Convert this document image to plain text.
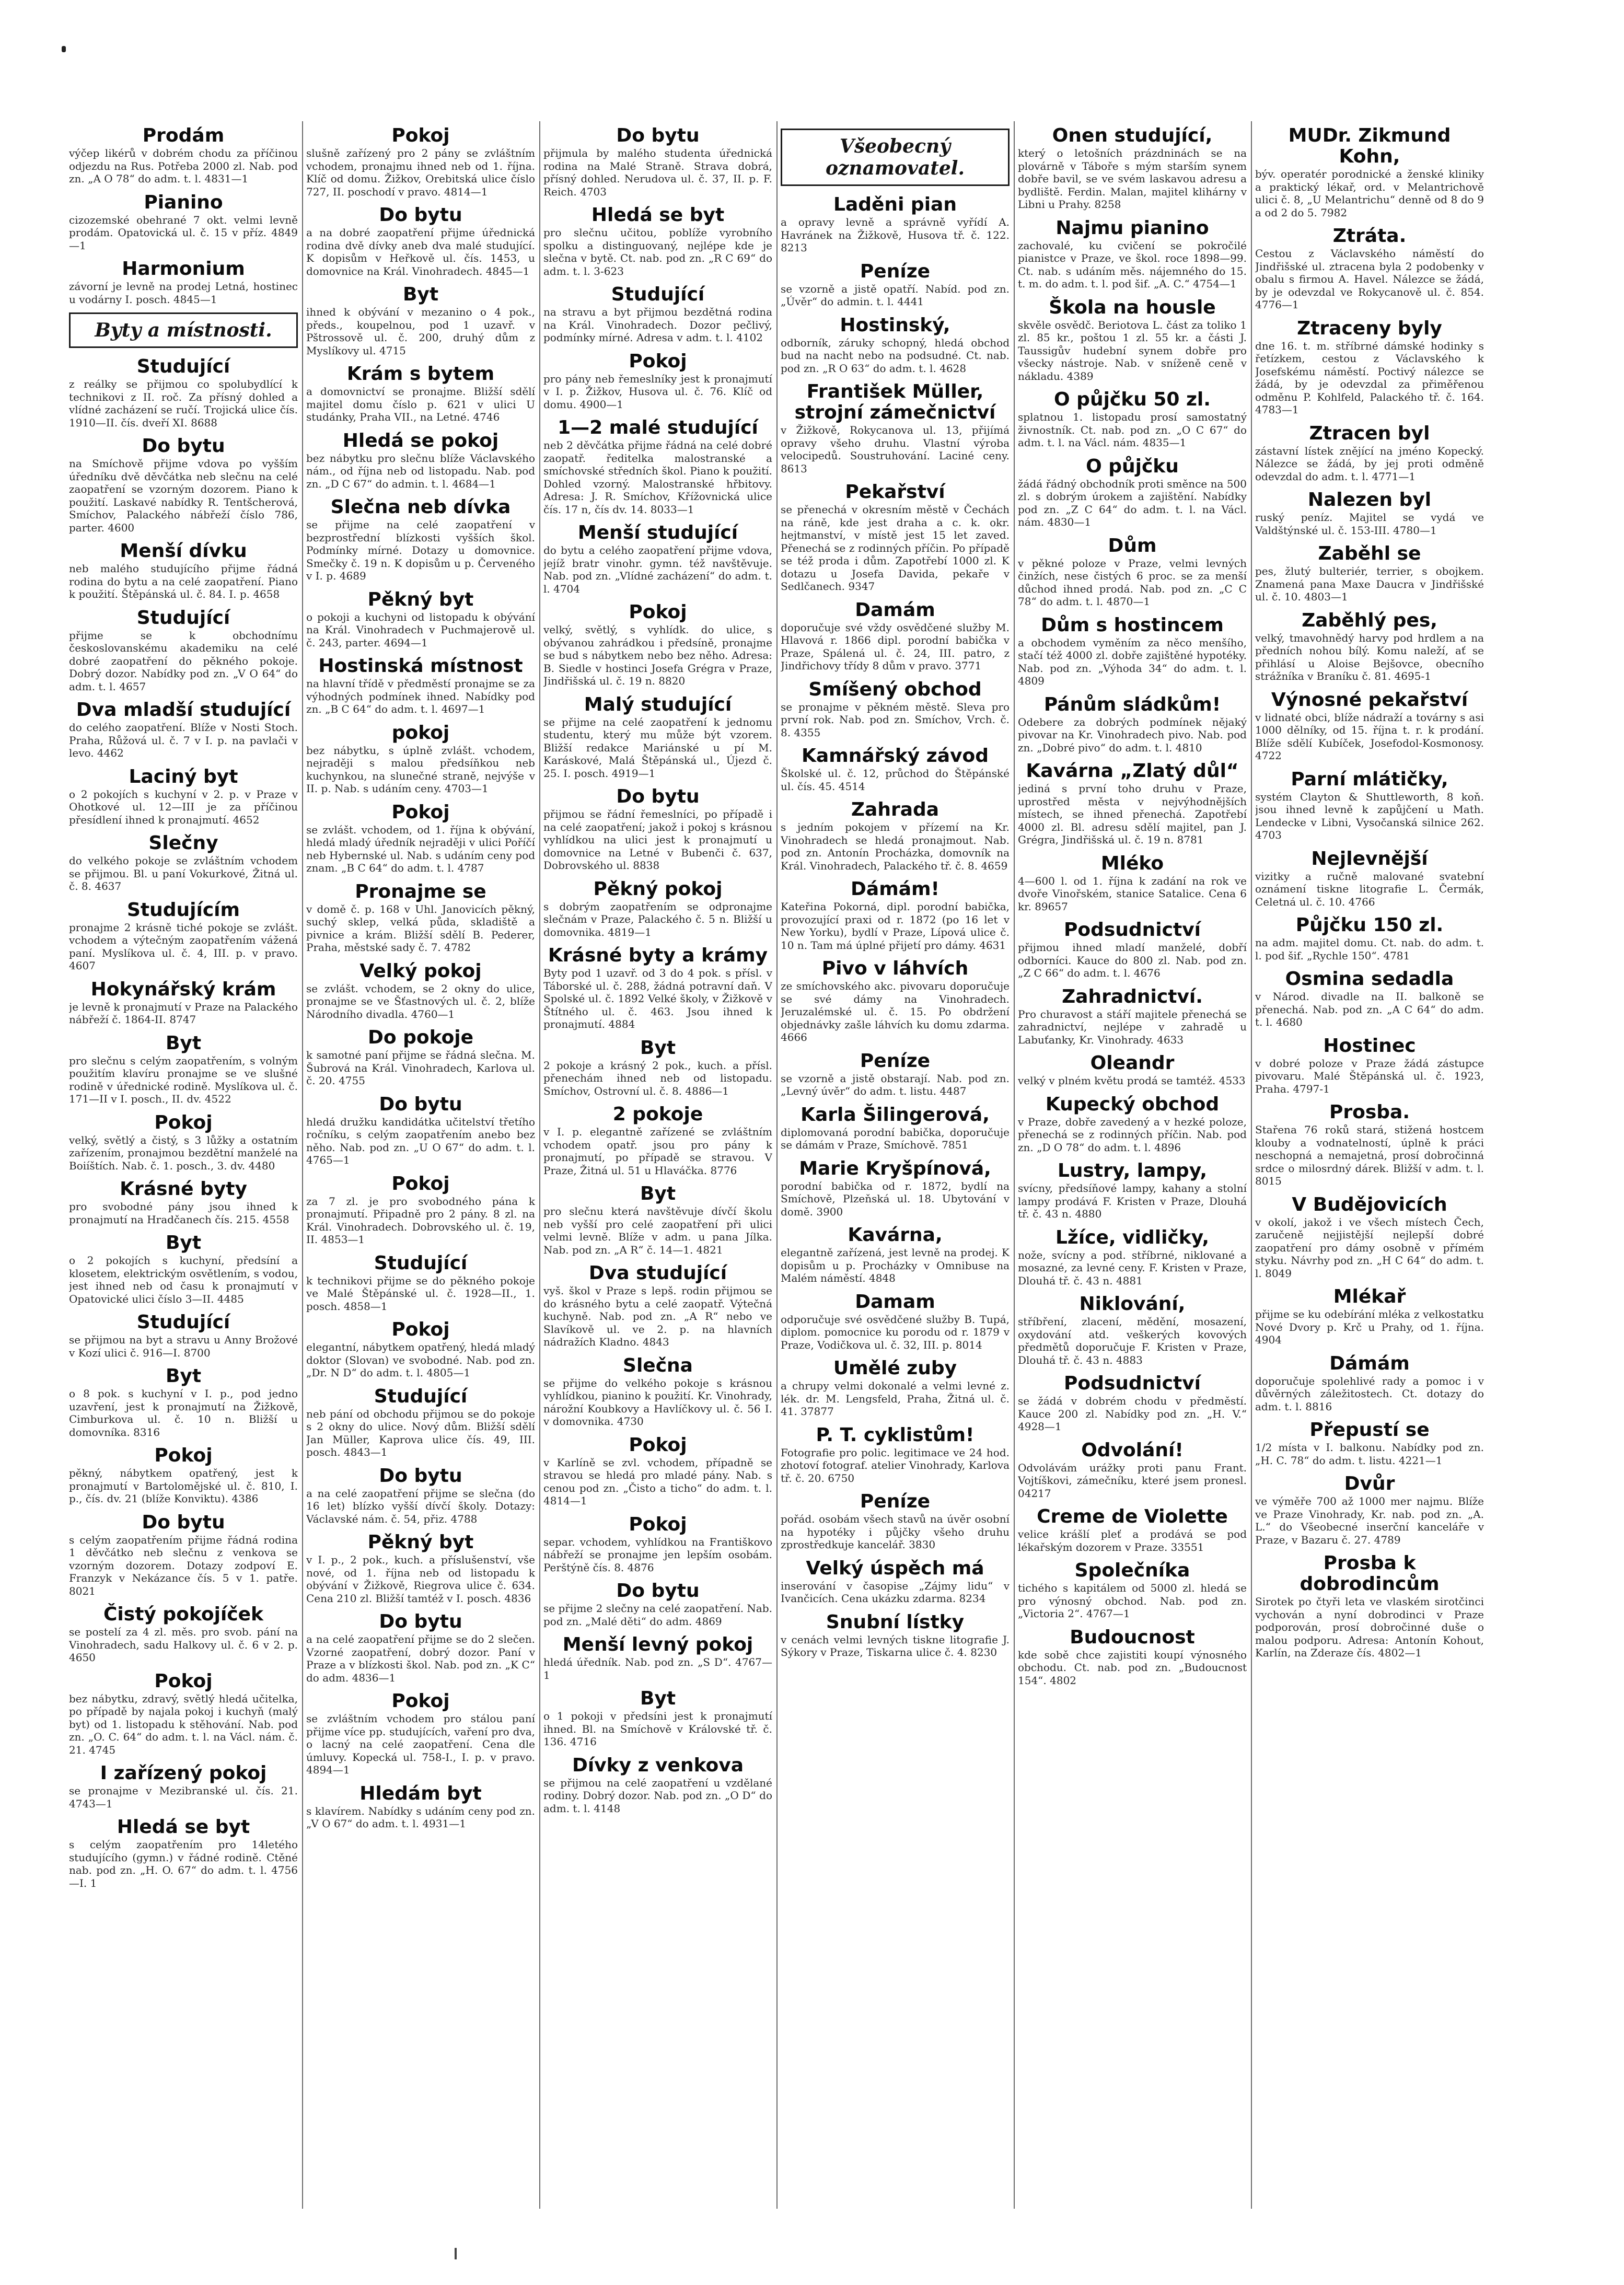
Prodám

výčep likérů v dobrém chodu za příčinou odjezdu na Rus. Potřeba 2000 zl. Nab. pod zn. „A O 78“ do adm. t. l. 4831—1

Pianino

cizozemské obehrané 7 okt. velmi levně prodám. Opatovická ul. č. 15 v příz. 4849—1

Harmonium

závorní je levně na prodej Letná, hostinec u vodárny I. posch. 4845—1

Byty a místnosti.
Studující

z reálky se přijmou co spolubydlící k technikovi z II. roč. Za přísný dohled a vlídné zacházení se ručí. Trojická ulice čís. 1910—II. čís. dveří XI. 8688

Do bytu

na Smíchově přijme vdova po vyšším úředníku dvě děvčátka neb slečnu na celé zaopatření se vzorným dozorem. Piano k použití. Laskavé nabídky R. Tentšcherová, Smíchov, Palackého nábřeží číslo 786, parter. 4600

Menší dívku

neb malého studujícího přijme řádná rodina do bytu a na celé zaopatření. Piano k použití. Štěpánská ul. č. 84. I. p. 4658

Studující

přijme se k obchodnímu českoslovanskému akademiku na celé dobré zaopatření do pěkného pokoje. Dobrý dozor. Nabídky pod zn. „V O 64“ do adm. t. l. 4657

Dva mladší studující

do celého zaopatření. Blíže v Nosti Stoch. Praha, Růžová ul. č. 7 v I. p. na pavlači v levo. 4462

Laciný byt

o 2 pokojích s kuchyní v 2. p. v Praze v Ohotkové ul. 12—III je za příčinou přesídlení ihned k pronajmutí. 4652

Slečny

do velkého pokoje se zvláštním vchodem se přijmou. Bl. u paní Vokurkové, Žitná ul. č. 8. 4637

Studujícím

pronajme 2 krásně tiché pokoje se zvlášt. vchodem a výtečným zaopatřením vážená paní. Myslíkova ul. č. 4, III. p. v pravo. 4607

Hokynářský krám

je levně k pronajmutí v Praze na Palackého nábřeží č. 1864-II. 8747

Byt

pro slečnu s celým zaopatřením, s volným použitím klavíru pronajme se ve slušné rodině v úřednické rodině. Myslíkova ul. č. 171—II v I. posch., II. dv. 4522

Pokoj

velký, světlý a čistý, s 3 lůžky a ostatním zařízením, pronajmou bezdětní manželé na Boiíštích. Nab. č. 1. posch., 3. dv. 4480

Krásné byty

pro svobodné pány jsou ihned k pronajmutí na Hradčanech čís. 215. 4558

Byt

o 2 pokojích s kuchyní, předsíní a klosetem, elektrickým osvětlením, s vodou, jest ihned neb od času k pronajmutí v Opatovické ulici číslo 3—II. 4485

Studující

se přijmou na byt a stravu u Anny Brožové v Kozí ulici č. 916—I. 8700

Byt

o 8 pok. s kuchyní v I. p., pod jedno uzavření, jest k pronajmutí na Žižkově, Cimburkova ul. č. 10 n. Bližší u domovníka. 8316

Pokoj

pěkný, nábytkem opatřený, jest k pronajmutí v Bartolomějské ul. č. 810, I. p., čís. dv. 21 (blíže Konviktu). 4386

Do bytu

s celým zaopatřením přijme řádná rodina 1 děvčátko neb slečnu z venkova se vzorným dozorem. Dotazy zodpoví E. Franzyk v Nekázance čís. 5 v 1. patře. 8021

Čistý pokojíček

se postelí za 4 zl. měs. pro svob. pání na Vinohradech, sadu Halkovy ul. č. 6 v 2. p. 4650

Pokoj

bez nábytku, zdravý, světlý hledá učitelka, po případě by najala pokoj i kuchyň (malý byt) od 1. listopadu k stěhování. Nab. pod zn. „O. C. 64“ do adm. t. l. na Václ. nám. č. 21. 4745

I zařízený pokoj

se pronajme v Mezibranské ul. čís. 21. 4743—1

Hledá se byt

s celým zaopatřením pro 14letého studujícího (gymn.) v řádné rodině. Ctěné nab. pod zn. „H. O. 67“ do adm. t. l. 4756—I. 1

Pokoj

slušně zařízený pro 2 pány se zvláštním vchodem, pronajmu ihned neb od 1. října. Klíč od domu. Žižkov, Orebitská ulice číslo 727, II. poschodí v pravo. 4814—1

Do bytu

a na dobré zaopatření přijme úřednická rodina dvě dívky aneb dva malé studující. K dopisům v Heřkově ul. čís. 1453, u domovnice na Král. Vinohradech. 4845—1

Byt

ihned k obývání v mezanino o 4 pok., předs., koupelnou, pod 1 uzavř. v Pštrossově ul. č. 200, druhý dům z Myslíkovy ul. 4715

Krám s bytem

a domovnictví se pronajme. Bližší sdělí majitel domu číslo p. 621 v ulici U studánky, Praha VII., na Letné. 4746

Hledá se pokoj

bez nábytku pro slečnu blíže Václavského nám., od října neb od listopadu. Nab. pod zn. „D C 67“ do admin. t. l. 4684—1

Slečna neb dívka

se přijme na celé zaopatření v bezprostřední blízkosti vyšších škol. Podmínky mírné. Dotazy u domovnice. Smečky č. 19 n. K dopisům u p. Červeného v I. p. 4689

Pěkný byt

o pokoji a kuchyni od listopadu k obývání na Král. Vinohradech v Puchmajerově ul. č. 243, parter. 4694—1

Hostinská místnost

na hlavní třídě v předměstí pronajme se za výhodných podmínek ihned. Nabídky pod zn. „B C 64“ do adm. t. l. 4697—1

pokoj

bez nábytku, s úplně zvlášt. vchodem, nejraději s malou předsíňkou neb kuchynkou, na slunečné straně, nejvýše v II. p. Nab. s udáním ceny. 4703—1

Pokoj

se zvlášt. vchodem, od 1. října k obývání, hledá mladý úředník nejraději v ulici Poříčí neb Hybernské ul. Nab. s udáním ceny pod znam. „B C 64“ do adm. t. l. 4787

Pronajme se

v domě č. p. 168 v Uhl. Janovicích pěkný, suchý sklep, velká půda, skladiště a pivnice a krám. Bližší sdělí B. Pederer, Praha, městské sady č. 7. 4782

Velký pokoj

se zvlášt. vchodem, se 2 okny do ulice, pronajme se ve Šťastnových ul. č. 2, blíže Národního divadla. 4760—1

Do pokoje

k samotné paní přijme se řádná slečna. M. Šubrová na Král. Vinohradech, Karlova ul. č. 20. 4755

Do bytu

hledá družku kandidátka učitelství třetího ročníku, s celým zaopatřením anebo bez něho. Nab. pod zn. „U O 67“ do adm. t. l. 4765—1

Pokoj

za 7 zl. je pro svobodného pána k pronajmutí. Připadně pro 2 pány. 8 zl. na Král. Vinohradech. Dobrovského ul. č. 19, II. 4853—1

Studující

k technikovi přijme se do pěkného pokoje ve Malé Štěpánské ul. č. 1928—II., 1. posch. 4858—1

Pokoj

elegantní, nábytkem opatřený, hledá mladý doktor (Slovan) ve svobodné. Nab. pod zn. „Dr. N D“ do adm. t. l. 4805—1

Studující

neb pání od obchodu přijmou se do pokoje s 2 okny do ulice. Nový dům. Bližší sdělí Jan Müller, Kaprova ulice čís. 49, III. posch. 4843—1

Do bytu

a na celé zaopatření přijme se slečna (do 16 let) blízko vyšší dívčí školy. Dotazy: Václavské nám. č. 54, přiz. 4788

Pěkný byt

v I. p., 2 pok., kuch. a příslušenství, vše nové, od 1. října neb od listopadu k obývání v Žižkově, Riegrova ulice č. 634. Cena 210 zl. Bližší tamtéž v I. posch. 4836

Do bytu

a na celé zaopatření přijme se do 2 slečen. Vzorné zaopatření, dobrý dozor. Paní v Praze a v blízkosti škol. Nab. pod zn. „K C“ do adm. 4836—1

Pokoj

se zvláštním vchodem pro stálou paní přijme více pp. studujících, vaření pro dva, o lacný na celé zaopatření. Cena dle úmluvy. Kopecká ul. 758-I., I. p. v pravo. 4894—1

Hledám byt

s klavírem. Nabídky s udáním ceny pod zn. „V O 67“ do adm. t. l. 4931—1

Do bytu

přijmula by malého studenta úřednická rodina na Malé Straně. Strava dobrá, přísný dohled. Nerudova ul. č. 37, II. p. F. Reich. 4703

Hledá se byt

pro slečnu učitou, poblíže vyrobního spolku a distinguovaný, nejlépe kde je slečna v bytě. Ct. nab. pod zn. „R C 69“ do adm. t. l. 3-623

Studující

na stravu a byt přijmou bezdětná rodina na Král. Vinohradech. Dozor pečlivý, podmínky mírné. Adresa v adm. t. l. 4102

Pokoj

pro pány neb řemeslníky jest k pronajmutí v I. p. Žižkov, Husova ul. č. 76. Klíč od domu. 4900—1

1—2 malé studující

neb 2 děvčátka přijme řádná na celé dobré zaopatř. ředitelka malostranské a smíchovské středních škol. Piano k použití. Dohled vzorný. Malostranské hřbitovy. Adresa: J. R. Smíchov, Křížovnická ulice čís. 17 n, čís dv. 14. 8033—1

Menší studující

do bytu a celého zaopatření přijme vdova, jejíž bratr vinohr. gymn. též navštěvuje. Nab. pod zn. „Vlídné zacházení“ do adm. t. l. 4704

Pokoj

velký, světlý, s vyhlídk. do ulice, s obývanou zahrádkou i předsíně, pronajme se bud s nábytkem nebo bez něho. Adresa: B. Siedle v hostinci Josefa Grégra v Praze, Jindřišská ul. č. 19 n. 8820

Malý studující

se přijme na celé zaopatření k jednomu studentu, který mu může být vzorem. Bližší redakce Mariánské u pí M. Karáskové, Malá Štěpánská ul., Újezd č. 25. I. posch. 4919—1

Do bytu

přijmou se řádní řemeslníci, po případě i na celé zaopatření; jakož i pokoj s krásnou vyhlídkou na ulici jest k pronajmutí u domovnice na Letné v Bubenči č. 637, Dobrovského ul. 8838

Pěkný pokoj

s dobrým zaopatřením se odpronajme slečnám v Praze, Palackého č. 5 n. Bližší u domovnika. 4819—1

Krásné byty a krámy

Byty pod 1 uzavř. od 3 do 4 pok. s přísl. v Táborské ul. č. 288, žádná potravní daň. V Spolské ul. č. 1892 Velké školy, v Žižkově v Štítného ul. č. 463. Jsou ihned k pronajmutí. 4884

Byt

2 pokoje a krásný 2 pok., kuch. a přísl. přenechám ihned neb od listopadu. Smíchov, Ostrovní ul. č. 8. 4886—1

2 pokoje

v I. p. elegantně zařízené se zvláštním vchodem opatř. jsou pro pány k pronajmutí, po případě se stravou. V Praze, Žitná ul. 51 u Hlaváčka. 8776

Byt

pro slečnu která navštěvuje dívčí školu neb vyšší pro celé zaopatření při ulici velmi levně. Blíže v adm. u pana Jílka. Nab. pod zn. „A R“ č. 14—1. 4821

Dva studující

vyš. škol v Praze s lepš. rodin přijmou se do krásného bytu a celé zaopatř. Výtečná kuchyně. Nab. pod zn. „A R“ nebo ve Slavíkově ul. ve 2. p. na hlavních nádražích Kladno. 4843

Slečna

se přijme do velkého pokoje s krásnou vyhlídkou, pianino k použití. Kr. Vinohrady, nárožní Koubkovy a Havlíčkovy ul. č. 56 I. v domovnika. 4730

Pokoj

v Karlíně se zvl. vchodem, případně se stravou se hledá pro mladé pány. Nab. s cenou pod zn. „Čisto a ticho“ do adm. t. l. 4814—1

Pokoj

separ. vchodem, vyhlídkou na Františkovo nábřeží se pronajme jen lepším osobám. Perštýně čís. 8. 4876

Do bytu

se přijme 2 slečny na celé zaopatření. Nab. pod zn. „Malé děti“ do adm. 4869

Menší levný pokoj

hledá úředník. Nab. pod zn. „S D“. 4767—1

Byt

o 1 pokoji v předsíni jest k pronajmutí ihned. Bl. na Smíchově v Královské tř. č. 136. 4716

Dívky z venkova

se přijmou na celé zaopatření u vzdělané rodiny. Dobrý dozor. Nab. pod zn. „O D“ do adm. t. l. 4148

Všeobecný oznamovatel.
Laděni pian

a opravy levně a správně vyřídí A. Havránek na Žižkově, Husova tř. č. 122. 8213

Peníze

se vzorně a jistě opatří. Nabíd. pod zn. „Úvěr“ do admin. t. l. 4441

Hostinský,

odborník, záruky schopný, hledá obchod bud na nacht nebo na podsudné. Ct. nab. pod zn. „R O 63“ do adm. t. l. 4628

František Müller, strojní zámečnictví

v Žižkově, Rokycanova ul. 13, přijímá opravy všeho druhu. Vlastní výroba velocipedů. Soustruhování. Laciné ceny. 8613

Pekařství

se přenechá v okresním městě v Čechách na ráně, kde jest draha a c. k. okr. hejtmanství, v místě jest 15 let zaved. Přenechá se z rodinných příčin. Po případě se též proda i dům. Zapotřebí 1000 zl. K dotazu u Josefa Davida, pekaře v Sedlčanech. 9347

Damám

doporučuje své vždy osvědčené služby M. Hlavová r. 1866 dipl. porodní babička v Praze, Spálená ul. č. 24, III. patro, z Jindřichovy třídy 8 dům v pravo. 3771

Smíšený obchod

se pronajme v pěkném městě. Sleva pro první rok. Nab. pod zn. Smíchov, Vrch. č. 8. 4355

Kamnářský závod

Školské ul. č. 12, průchod do Štěpánské ul. čís. 45. 4514

Zahrada

s jedním pokojem v přízemí na Kr. Vinohradech se hledá pronajmout. Nab. pod zn. Antonín Procházka, domovník na Král. Vinohradech, Palackého tř. č. 8. 4659

Dámám!

Kateřina Pokorná, dipl. porodní babička, provozující praxi od r. 1872 (po 16 let v New Yorku), bydlí v Praze, Lípová ulice č. 10 n. Tam má úplné přijetí pro dámy. 4631

Pivo v láhvích

ze smíchovského akc. pivovaru doporučuje se své dámy na Vinohradech. Jeruzalémské ul. č. 15. Po obdržení objednávky zašle láhvích ku domu zdarma. 4666

Peníze

se vzorně a jistě obstarají. Nab. pod zn. „Levný úvěr“ do adm. t. listu. 4487

Karla Šilingerová,

diplomovaná porodní babička, doporučuje se dámám v Praze, Smíchově. 7851

Marie Kryšpínová,

porodní babička od r. 1872, bydlí na Smíchově, Plzeňská ul. 18. Ubytování v domě. 3900

Kavárna,

elegantně zařízená, jest levně na prodej. K dopisům u p. Procházky v Omnibuse na Malém náměstí. 4848

Damam

odporučuje své osvědčené služby B. Tupá, diplom. pomocnice ku porodu od r. 1879 v Praze, Vodičkova ul. č. 32, III. p. 8014

Umělé zuby

a chrupy velmi dokonalé a velmi levné z. lék. dr. M. Lengsfeld, Praha, Žitná ul. č. 41. 37877

P. T. cyklistům!

Fotografie pro polic. legitimace ve 24 hod. zhotoví fotograf. atelier Vinohrady, Karlova tř. č. 20. 6750

Peníze

pořád. osobám všech stavů na úvěr osobní na hypotéky i půjčky všeho druhu zprostředkuje kancelář. 3830

Velký úspěch má

inserování v časopise „Zájmy lidu“ v Ivančicích. Cena ukázku zdarma. 8234

Snubní lístky

v cenách velmi levných tiskne litografie J. Sýkory v Praze, Tiskarna ulice č. 4. 8230

Onen studující,

který o letošních prázdninách se na plovárně v Táboře s mým starším synem dobře bavil, se ve svém laskavou adresu a bydliště. Ferdin. Malan, majitel klihárny v Libni u Prahy. 8258

Najmu pianino

zachovalé, ku cvičení se pokročilé pianistce v Praze, ve škol. roce 1898—99. Ct. nab. s udáním měs. nájemného do 15. t. m. do adm. t. l. pod šif. „A. C.“ 4754—1

Škola na housle

skvěle osvědč. Beriotova L. část za toliko 1 zl. 85 kr., poštou 1 zl. 55 kr. a části J. Taussigův hudební synem dobře pro všecky nástroje. Nab. v sníženě ceně v nákladu. 4389

O půjčku 50 zl.

splatnou 1. listopadu prosí samostatný živnostník. Ct. nab. pod zn. „O C 67“ do adm. t. l. na Václ. nám. 4835—1

O půjčku

žádá řádný obchodník proti směnce na 500 zl. s dobrým úrokem a zajištění. Nabídky pod zn. „Z C 64“ do adm. t. l. na Václ. nám. 4830—1

Dům

v pěkné poloze v Praze, velmi levných činžích, nese čistých 6 proc. se za menší důchod ihned prodá. Nab. pod zn. „C C 78“ do adm. t. l. 4870—1

Dům s hostincem

a obchodem vyměním za něco menšího, stačí též 4000 zl. dobře zajištěné hypotéky. Nab. pod zn. „Výhoda 34“ do adm. t. l. 4809

Pánům sládkům!

Odebere za dobrých podmínek nějaký pivovar na Kr. Vinohradech pivo. Nab. pod zn. „Dobré pivo“ do adm. t. l. 4810

Kavárna „Zlatý důl“

jediná s první toho druhu v Praze, uprostřed města v nejvýhodnějších místech, se ihned přenechá. Zapotřebí 4000 zl. Bl. adresu sdělí majitel, pan J. Grégra, Jindřišská ul. č. 19 n. 8781

Mléko

4—600 l. od 1. října k zadání na rok ve dvoře Vinořském, stanice Satalice. Cena 6 kr. 89657

Podsudnictví

přijmou ihned mladí manželé, dobří odborníci. Kauce do 800 zl. Nab. pod zn. „Z C 66“ do adm. t. l. 4676

Zahradnictví.

Pro churavost a stáří majitele přenechá se zahradnictví, nejlépe v zahradě u Labuťanky, Kr. Vinohrady. 4633

Oleandr

velký v plném květu prodá se tamtéž. 4533

Kupecký obchod

v Praze, dobře zavedený a v hezké poloze, přenechá se z rodinných příčin. Nab. pod zn. „D O 78“ do adm. t. l. 4896

Lustry, lampy,

svícny, předsíňové lampy, kahany a stolní lampy prodává F. Kristen v Praze, Dlouhá tř. č. 43 n. 4880

Lžíce, vidličky,

nože, svícny a pod. stříbrné, niklované a mosazné, za levné ceny. F. Kristen v Praze, Dlouhá tř. č. 43 n. 4881

Niklování,

stříbření, zlacení, mědění, mosazení, oxydování atd. veškerých kovových předmětů doporučuje F. Kristen v Praze, Dlouhá tř. č. 43 n. 4883

Podsudnictví

se žádá v dobrém chodu v předměstí. Kauce 200 zl. Nabídky pod zn. „H. V.“ 4928—1

Odvolání!

Odvolávám urážky proti panu Frant. Vojtíškovi, zámečníku, které jsem pronesl. 04217

Creme de Violette

velice krášlí pleť a prodává se pod lékařským dozorem v Praze. 33551

Společníka

tichého s kapitálem od 5000 zl. hledá se pro výnosný obchod. Nab. pod zn. „Victoria 2“. 4767—1

Budoucnost

kde sobě chce zajistiti koupí výnosného obchodu. Ct. nab. pod zn. „Budoucnost 154“. 4802

MUDr. Zikmund Kohn,

býv. operatér porodnické a ženské kliniky a praktický lékař, ord. v Melantrichově ulici č. 8, „U Melantrichu“ denně od 8 do 9 a od 2 do 5. 7982

Ztráta.

Cestou z Václavského náměstí do Jindřišské ul. ztracena byla 2 podobenky v obalu s firmou A. Havel. Nálezce se žádá, by je odevzdal ve Rokycanově ul. č. 854. 4776—1

Ztraceny byly

dne 16. t. m. stříbrné dámské hodinky s řetízkem, cestou z Václavského k Josefskému náměstí. Poctivý nálezce se žádá, by je odevzdal za přiměřenou odměnu P. Kohlfeld, Palackého tř. č. 164. 4783—1

Ztracen byl

zástavní lístek znějící na jméno Kopecký. Nálezce se žádá, by jej proti odměně odevzdal do adm. t. l. 4771—1

Nalezen byl

ruský peníz. Majitel se vydá ve Valdštýnské ul. č. 153-III. 4780—1

Zaběhl se

pes, žlutý bulteriér, terrier, s obojkem. Znamená pana Maxe Daucra v Jindřišské ul. č. 10. 4803—1

Zaběhlý pes,

velký, tmavohnědý harvy pod hrdlem a na předních nohou bílý. Komu naleží, ať se přihlásí u Aloise Bejšovce, obecního strážníka v Braníku č. 81. 4695-1

Výnosné pekařství

v lidnaté obci, blíže nádraží a továrny s asi 1000 dělníky, od 15. října t. r. k prodání. Blíže sdělí Kubíček, Josefodol-Kosmonosy. 4722

Parní mlátičky,

systém Clayton & Shuttleworth, 8 koň. jsou ihned levně k zapůjčení u Math. Lendecke v Libni, Vysočanská silnice 262. 4703

Nejlevnější

vizitky a ručně malované svatební oznámení tiskne litografie L. Čermák, Celetná ul. č. 10. 4766

Půjčku 150 zl.

na adm. majitel domu. Ct. nab. do adm. t. l. pod šif. „Rychle 150“. 4781

Osmina sedadla

v Národ. divadle na II. balkoně se přenechá. Nab. pod zn. „A C 64“ do adm. t. l. 4680

Hostinec

v dobré poloze v Praze žádá zástupce pivovaru. Malé Štěpánská ul. č. 1923, Praha. 4797-1

Prosba.

Stařena 76 roků stará, stižená hostcem klouby a vodnatelností, úplně k práci neschopná a nemajetná, prosí dobročinná srdce o milosrdný dárek. Bližší v adm. t. l. 8015

V Budějovicích

v okolí, jakož i ve všech místech Čech, zaručeně nejjistější nejlepší dobré zaopatření pro dámy osobně v přímém styku. Návrhy pod zn. „H C 64“ do adm. t. l. 8049

Mlékař

přijme se ku odebírání mléka z velkostatku Nové Dvory p. Krč u Prahy, od 1. října. 4904

Dámám

doporučuje spolehlivé rady a pomoc i v důvěrných záležitostech. Ct. dotazy do adm. t. l. 8816

Přepustí se

1/2 místa v I. balkonu. Nabídky pod zn. „H. C. 78“ do adm. t. listu. 4221—1

Dvůr

ve výměře 700 až 1000 mer najmu. Blíže ve Praze Vinohrady, Kr. nab. pod zn. „A. L.“ do Všeobecné inserční kanceláře v Praze, v Bazaru č. 27. 4789

Prosba k dobrodincům

Sirotek po čtyři leta ve vlaském sirotčinci vychován a nyní dobrodinci v Praze podporován, prosí dobročinné duše o malou podporu. Adresa: Antonín Kohout, Karlín, na Zderaze čís. 4802—1
